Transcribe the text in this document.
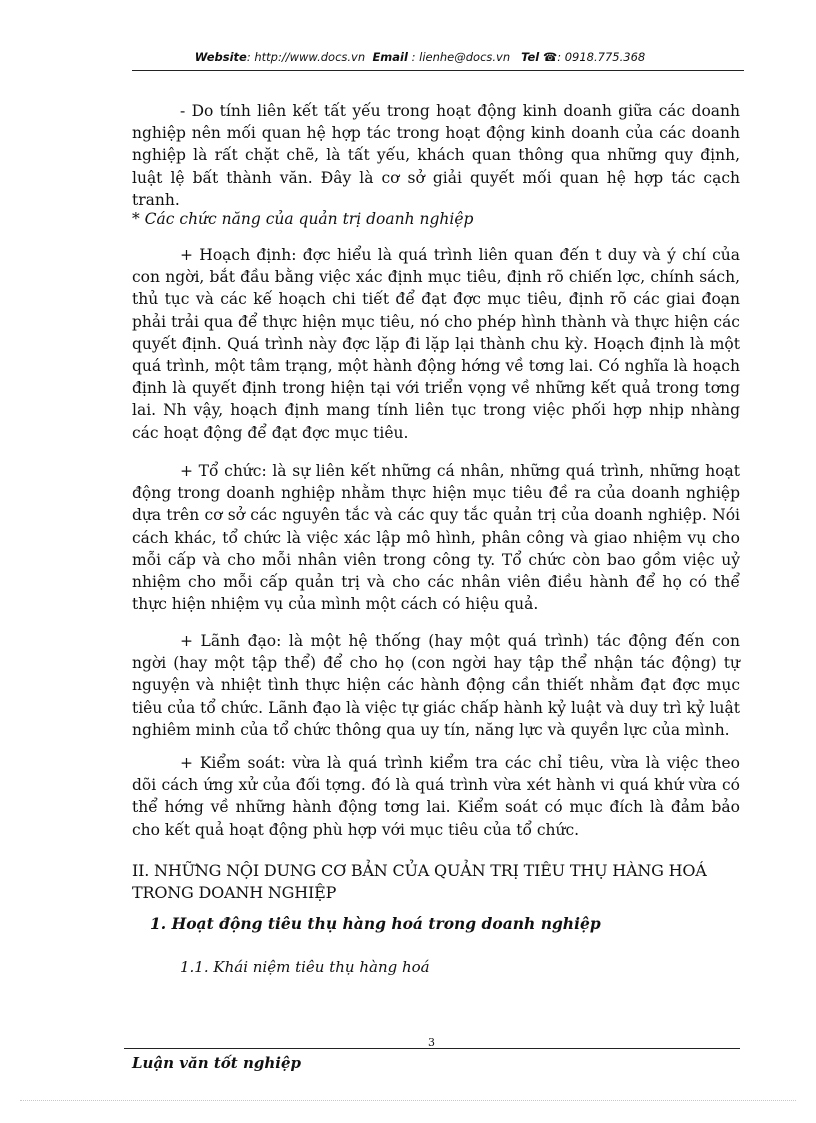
Website: http://www.docs.vn Email : lienhe@docs.vn Tel ☎: 0918.775.368

- Do tính liên kết tất yếu trong hoạt động kinh doanh giữa các doanh nghiệp nên mối quan hệ hợp tác trong hoạt động kinh doanh của các doanh nghiệp là rất chặt chẽ, là tất yếu, khách quan thông qua những quy định, luật lệ bất thành văn. Đây là cơ sở giải quyết mối quan hệ hợp tác cạch tranh.

* Các chức năng của quản trị doanh nghiệp

+ Hoạch định: đợc hiểu là quá trình liên quan đến t duy và ý chí của con ngời, bắt đầu bằng việc xác định mục tiêu, định rõ chiến lợc, chính sách, thủ tục và các kế hoạch chi tiết để đạt đợc mục tiêu, định rõ các giai đoạn phải trải qua để thực hiện mục tiêu, nó cho phép hình thành và thực hiện các quyết định. Quá trình này đợc lặp đi lặp lại thành chu kỳ. Hoạch định là một quá trình, một tâm trạng, một hành động hớng về tơng lai. Có nghĩa là hoạch định là quyết định trong hiện tại với triển vọng về những kết quả trong tơng lai. Nh vậy, hoạch định mang tính liên tục trong việc phối hợp nhịp nhàng các hoạt động để đạt đợc mục tiêu.

+ Tổ chức: là sự liên kết những cá nhân, những quá trình, những hoạt động trong doanh nghiệp nhằm thực hiện mục tiêu đề ra của doanh nghiệp dựa trên cơ sở các nguyên tắc và các quy tắc quản trị của doanh nghiệp. Nói cách khác, tổ chức là việc xác lập mô hình, phân công và giao nhiệm vụ cho mỗi cấp và cho mỗi nhân viên trong công ty. Tổ chức còn bao gồm việc uỷ nhiệm cho mỗi cấp quản trị và cho các nhân viên điều hành để họ có thể thực hiện nhiệm vụ của mình một cách có hiệu quả.

+ Lãnh đạo: là một hệ thống (hay một quá trình) tác động đến con ngời (hay một tập thể) để cho họ (con ngời hay tập thể nhận tác động) tự nguyện và nhiệt tình thực hiện các hành động cần thiết nhằm đạt đợc mục tiêu của tổ chức. Lãnh đạo là việc tự giác chấp hành kỷ luật và duy trì kỷ luật nghiêm minh của tổ chức thông qua uy tín, năng lực và quyền lực của mình.

+ Kiểm soát: vừa là quá trình kiểm tra các chỉ tiêu, vừa là việc theo dõi cách ứng xử của đối tợng. đó là quá trình vừa xét hành vi quá khứ vừa có thể hớng về những hành động tơng lai. Kiểm soát có mục đích là đảm bảo cho kết quả hoạt động phù hợp với mục tiêu của tổ chức.

II. NHỮNG NỘI DUNG CƠ BẢN CỦA QUẢN TRỊ TIÊU THỤ HÀNG HOÁ TRONG DOANH NGHIỆP
1. Hoạt động tiêu thụ hàng hoá trong doanh nghiệp
1.1. Khái niệm tiêu thụ hàng hoá
3
Luận văn tốt nghiệp
